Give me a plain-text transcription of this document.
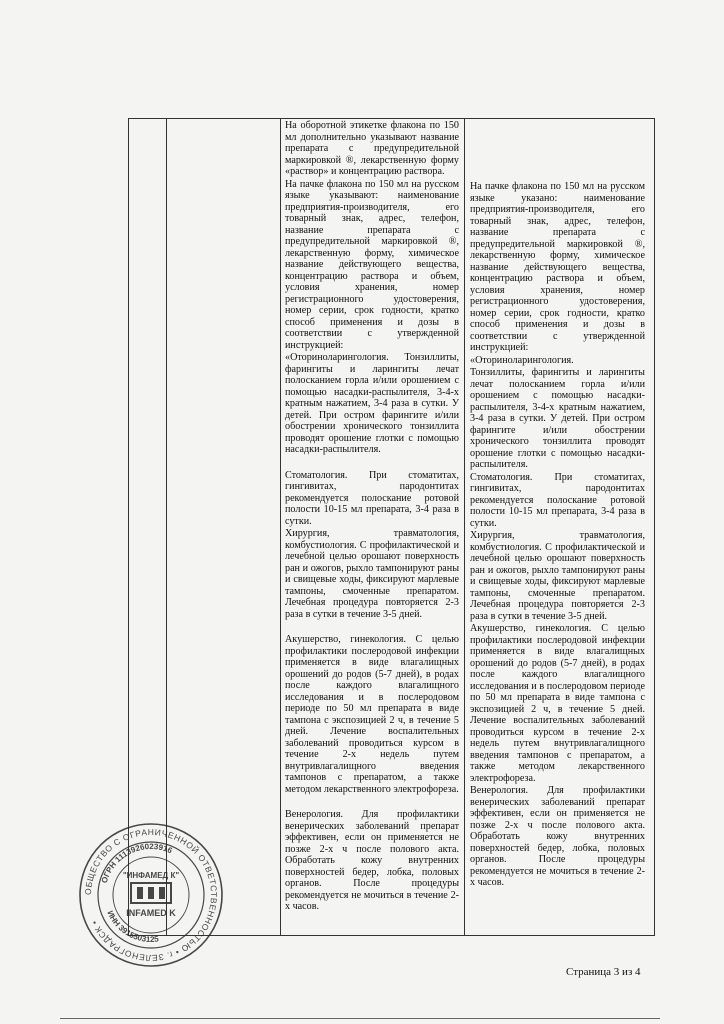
На оборотной этикетке флакона по 150 мл дополнительно указывают название препарата с предупредительной маркировкой ®, лекарственную форму «раствор» и концентрацию раствора.

На пачке флакона по 150 мл на русском языке указывают: наименование предприятия-производителя, его товарный знак, адрес, телефон, название препарата с предупредительной маркировкой ®, лекарственную форму, химическое название действующего вещества, концентрацию раствора и объем, условия хранения, номер регистрационного удостоверения, номер серии, срок годности, кратко способ применения и дозы в соответствии с утвержденной инструкцией:

«Оториноларингология. Тонзиллиты, фарингиты и ларингиты лечат полосканием горла и/или орошением с помощью насадки-распылителя, 3-4-х кратным нажатием, 3-4 раза в сутки. У детей. При остром фарингите и/или обострении хронического тонзиллита проводят орошение глотки с помощью насадки-распылителя.

Стоматология. При стоматитах, гингивитах, пародонтитах рекомендуется полоскание ротовой полости 10-15 мл препарата, 3-4 раза в сутки.

Хирургия, травматология, комбустиология. С профилактической и лечебной целью орошают поверхность ран и ожогов, рыхло тампонируют раны и свищевые ходы, фиксируют марлевые тампоны, смоченные препаратом. Лечебная процедура повторяется 2-3 раза в сутки в течение 3-5 дней.

Акушерство, гинекология. С целью профилактики послеродовой инфекции применяется в виде влагалищных орошений до родов (5-7 дней), в родах после каждого влагалищного исследования и в послеродовом периоде по 50 мл препарата в виде тампона с экспозицией 2 ч, в течение 5 дней. Лечение воспалительных заболеваний проводиться курсом в течение 2-х недель путем внутривлагалищного введения тампонов с препаратом, а также методом лекарственного электрофореза.

Венерология. Для профилактики венерических заболеваний препарат эффективен, если он применяется не позже 2-х ч после полового акта. Обработать кожу внутренних поверхностей бедер, лобка, половых органов. После процедуры рекомендуется не мочиться в течение 2-х часов.

На пачке флакона по 150 мл на русском языке указано: наименование предприятия-производителя, его товарный знак, адрес, телефон, название препарата с предупредительной маркировкой ®, лекарственную форму, химическое название действующего вещества, концентрацию раствора и объем, условия хранения, номер регистрационного удостоверения, номер серии, срок годности, кратко способ применения и дозы в соответствии с утвержденной инструкцией:

«Оториноларингология.

Тонзиллиты, фарингиты и ларингиты лечат полосканием горла и/или орошением с помощью насадки-распылителя, 3-4-х кратным нажатием, 3-4 раза в сутки. У детей. При остром фарингите и/или обострении хронического тонзиллита проводят орошение глотки с помощью насадки-распылителя.

Стоматология. При стоматитах, гингивитах, пародонтитах рекомендуется полоскание ротовой полости 10-15 мл препарата, 3-4 раза в сутки.

Хирургия, травматология, комбустиология. С профилактической и лечебной целью орошают поверхность ран и ожогов, рыхло тампонируют раны и свищевые ходы, фиксируют марлевые тампоны, смоченные препаратом. Лечебная процедура повторяется 2-3 раза в сутки в течение 3-5 дней.

Акушерство, гинекология. С целью профилактики послеродовой инфекции применяется в виде влагалищных орошений до родов (5-7 дней), в родах после каждого влагалищного исследования и в послеродовом периоде по 50 мл препарата в виде тампона с экспозицией 2 ч, в течение 5 дней. Лечение воспалительных заболеваний проводиться курсом в течение 2-х недель путем внутривлагалищного введения тампонов с препаратом, а также методом лекарственного электрофореза.

Венерология. Для профилактики венерических заболеваний препарат эффективен, если он применяется не позже 2-х ч после полового акта. Обработать кожу внутренних поверхностей бедер, лобка, половых органов. После процедуры рекомендуется не мочиться в течение 2-х часов.

ОБЩЕСТВО С ОГРАНИЧЕННОЙ ОТВЕТСТВЕННОСТЬЮ • г. ЗЕЛЕНОГРАДСК •
ОГРН 1113926023916
ИНН 3915503125
"ИНФАМЕД К"
INFAMED K
Страница 3 из 4
